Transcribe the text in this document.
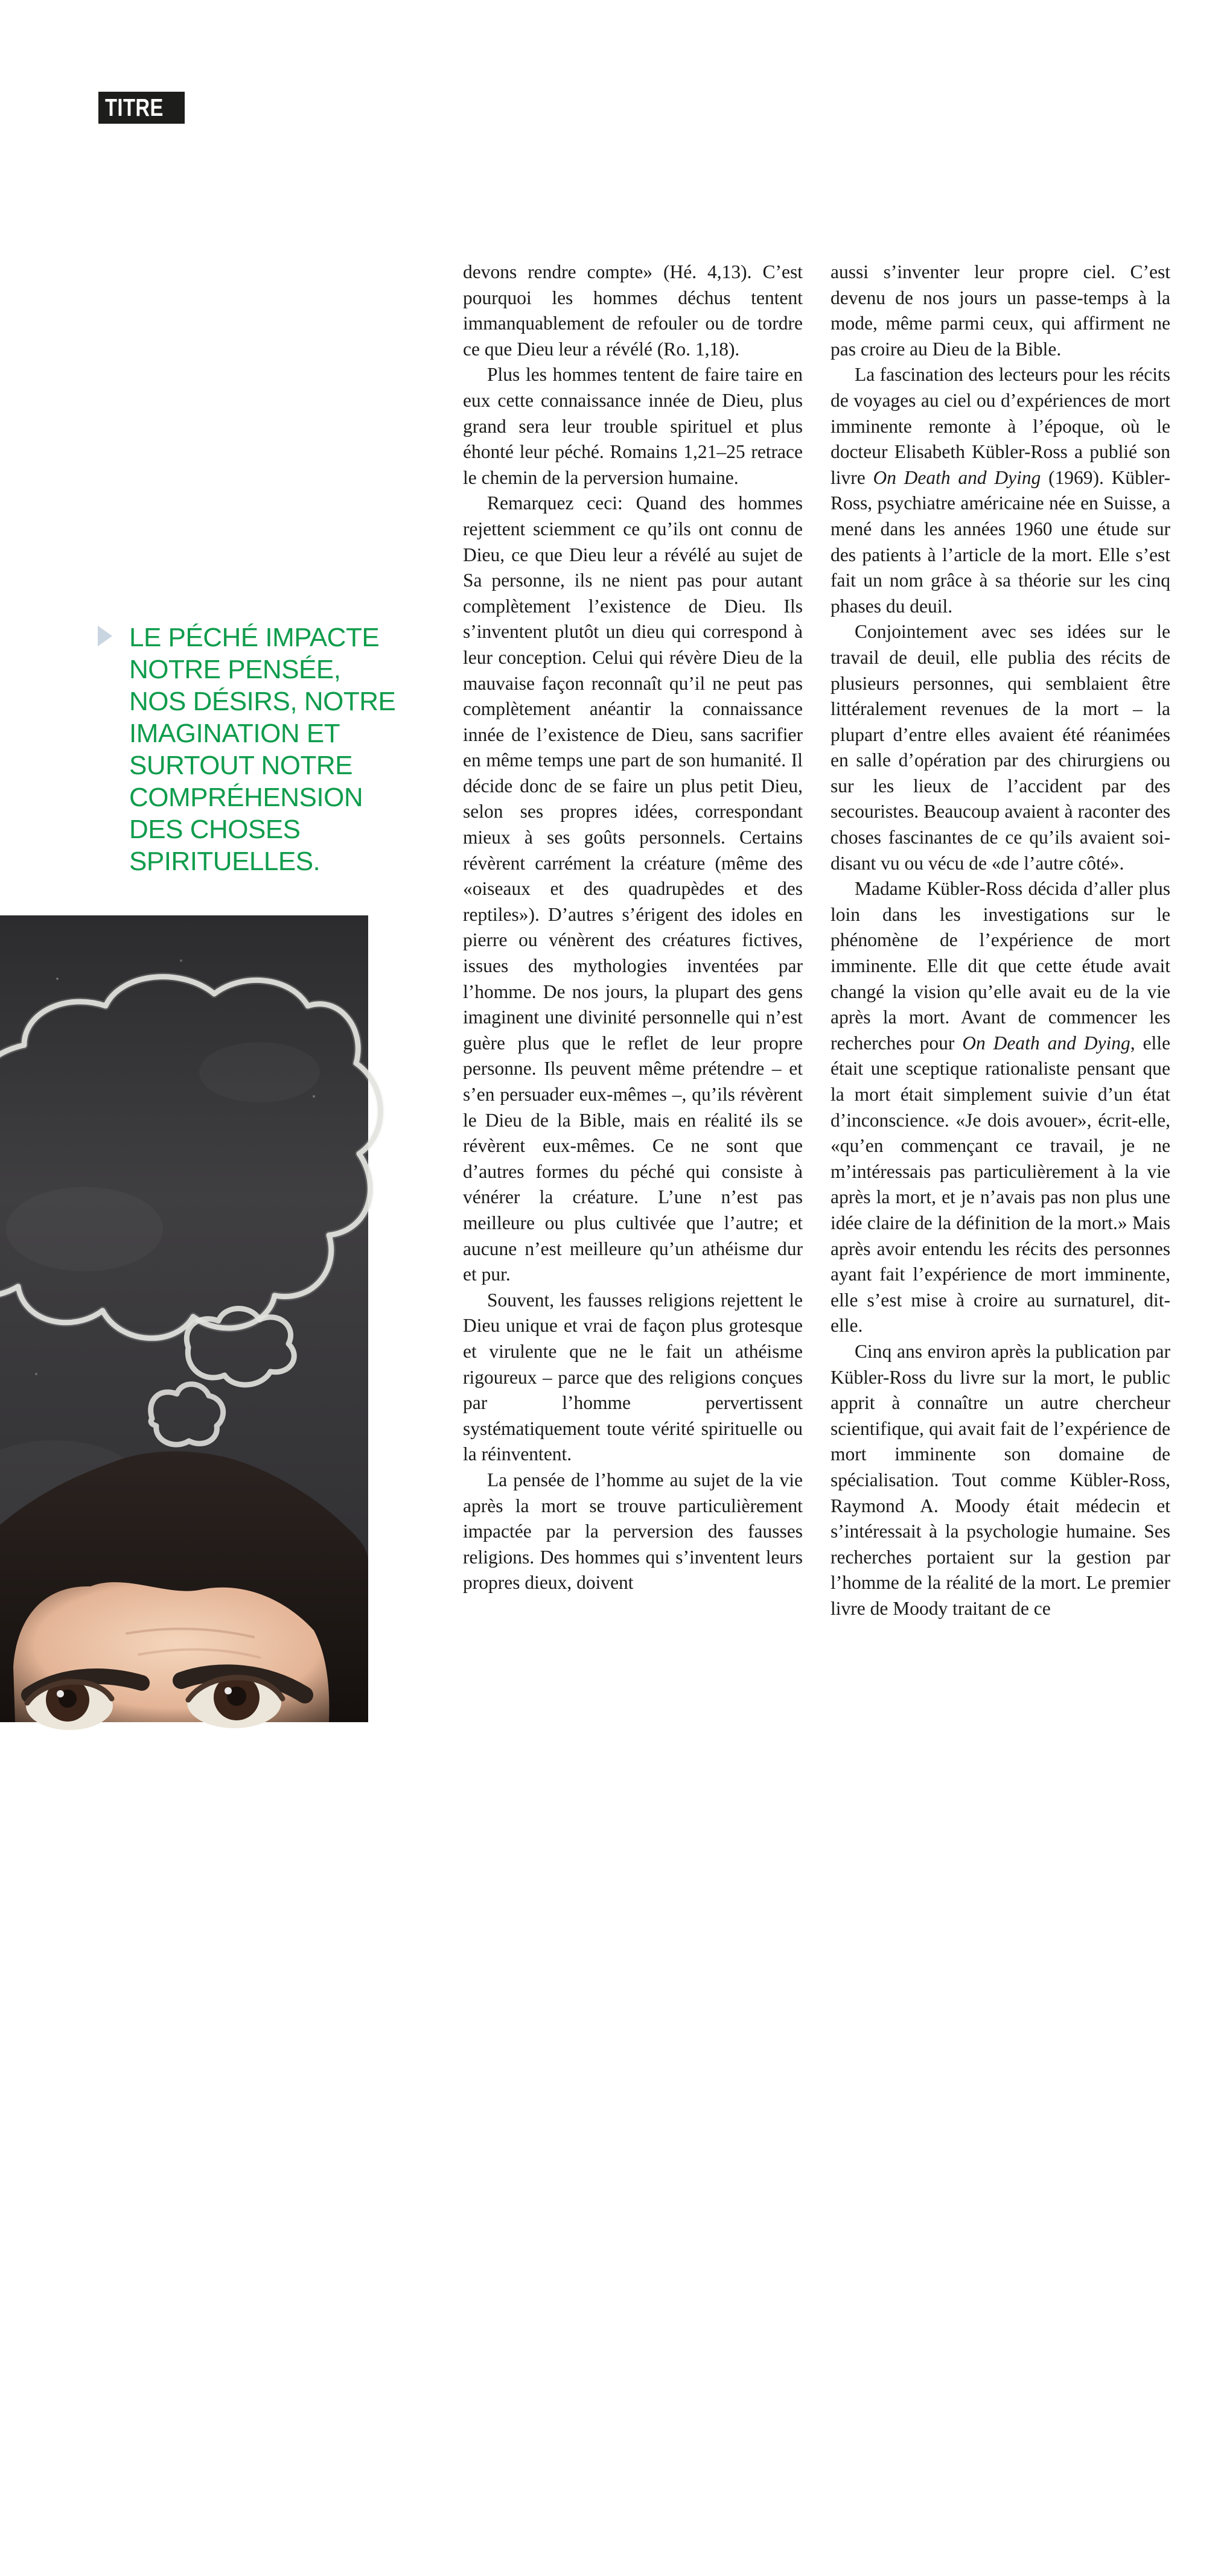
TITRE
LE PÉCHÉ IMPACTE
NOTRE PENSÉE,
NOS DÉSIRS, NOTRE
IMAGINATION ET
SURTOUT NOTRE
COMPRÉHENSION
DES CHOSES
SPIRITUELLES.

devons rendre compte» (Hé. 4,13). C’est pourquoi les hommes déchus tentent immanquablement de refouler ou de tordre ce que Dieu leur a révélé (Ro. 1,18).

Plus les hommes tentent de faire taire en eux cette connaissance innée de Dieu, plus grand sera leur trouble spirituel et plus éhonté leur péché. Romains 1,21–25 retrace le chemin de la perversion humaine.

Remarquez ceci: Quand des hommes rejettent sciemment ce qu’ils ont connu de Dieu, ce que Dieu leur a révélé au sujet de Sa personne, ils ne nient pas pour autant complètement l’existence de Dieu. Ils s’inventent plutôt un dieu qui correspond à leur conception. Celui qui révère Dieu de la mauvaise façon reconnaît qu’il ne peut pas complètement anéantir la connaissance innée de l’existence de Dieu, sans sacrifier en même temps une part de son humanité. Il décide donc de se faire un plus petit Dieu, selon ses propres idées, correspondant mieux à ses goûts personnels. Certains révèrent carrément la créature (même des «oiseaux et des quadrupèdes et des reptiles»). D’autres s’érigent des idoles en pierre ou vénèrent des créatures fictives, issues des mythologies inventées par l’homme. De nos jours, la plupart des gens imaginent une divinité personnelle qui n’est guère plus que le reflet de leur propre personne. Ils peuvent même prétendre – et s’en persuader eux-mêmes –, qu’ils révèrent le Dieu de la Bible, mais en réalité ils se révèrent eux-mêmes. Ce ne sont que d’autres formes du péché qui consiste à vénérer la créature. L’une n’est pas meilleure ou plus cultivée que l’autre; et aucune n’est meilleure qu’un athéisme dur et pur.

Souvent, les fausses religions rejettent le Dieu unique et vrai de façon plus grotesque et virulente que ne le fait un athéisme rigoureux – parce que des religions conçues par l’homme pervertissent systématiquement toute vérité spirituelle ou la réinventent.

La pensée de l’homme au sujet de la vie après la mort se trouve particulièrement impactée par la perversion des fausses religions. Des hommes qui s’inventent leurs propres dieux, doivent

aussi s’inventer leur propre ciel. C’est devenu de nos jours un passe-temps à la mode, même parmi ceux, qui affirment ne pas croire au Dieu de la Bible.

La fascination des lecteurs pour les récits de voyages au ciel ou d’expériences de mort imminente remonte à l’époque, où le docteur Elisabeth Kübler-Ross a publié son livre On Death and Dying (1969). Kübler-Ross, psychiatre américaine née en Suisse, a mené dans les années 1960 une étude sur des patients à l’article de la mort. Elle s’est fait un nom grâce à sa théorie sur les cinq phases du deuil.

Conjointement avec ses idées sur le travail de deuil, elle publia des récits de plusieurs personnes, qui semblaient être littéralement revenues de la mort – la plupart d’entre elles avaient été réanimées en salle d’opération par des chirurgiens ou sur les lieux de l’accident par des secouristes. Beaucoup avaient à raconter des choses fascinantes de ce qu’ils avaient soi-disant vu ou vécu de «de l’autre côté».

Madame Kübler-Ross décida d’aller plus loin dans les investigations sur le phénomène de l’expérience de mort imminente. Elle dit que cette étude avait changé la vision qu’elle avait eu de la vie après la mort. Avant de commencer les recherches pour On Death and Dying, elle était une sceptique rationaliste pensant que la mort était simplement suivie d’un état d’inconscience. «Je dois avouer», écrit-elle, «qu’en commençant ce travail, je ne m’intéressais pas particulièrement à la vie après la mort, et je n’avais pas non plus une idée claire de la définition de la mort.» Mais après avoir entendu les récits des personnes ayant fait l’expérience de mort imminente, elle s’est mise à croire au surnaturel, dit-elle.

Cinq ans environ après la publication par Kübler-Ross du livre sur la mort, le public apprit à connaître un autre chercheur scientifique, qui avait fait de l’expérience de mort imminente son domaine de spécialisation. Tout comme Kübler-Ross, Raymond A. Moody était médecin et s’intéressait à la psychologie humaine. Ses recherches portaient sur la gestion par l’homme de la réalité de la mort. Le premier livre de Moody traitant de ce

6 Appel de Minuit 07.2016
